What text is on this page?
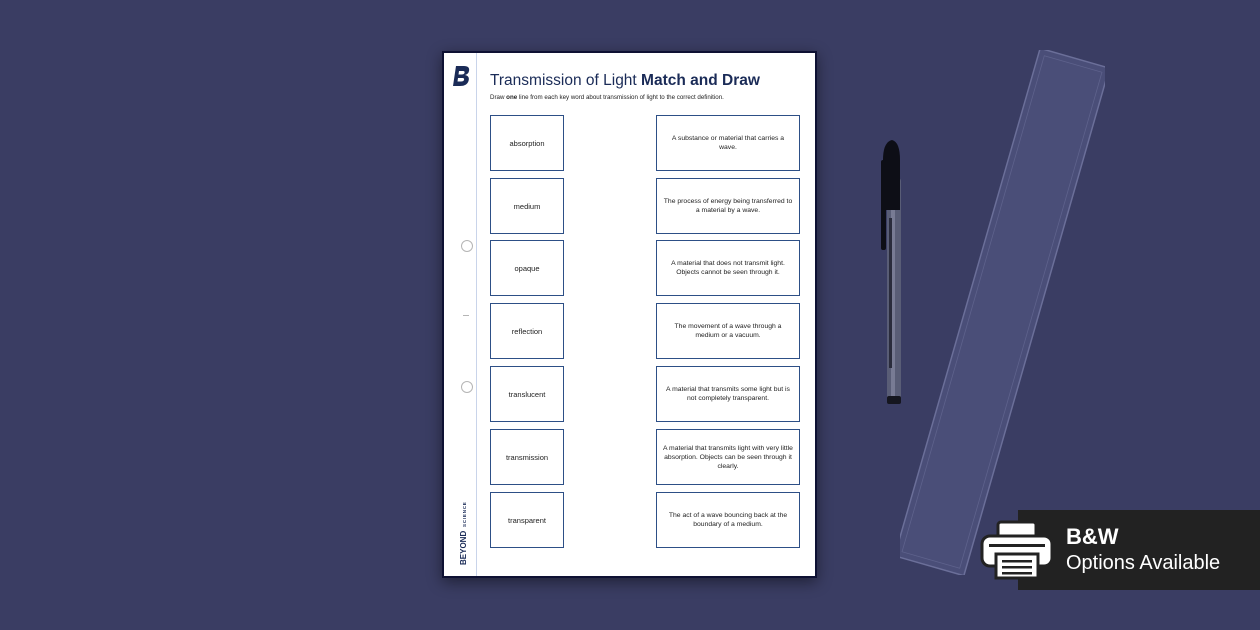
BEYOND
SCIENCE
Transmission of Light Match and Draw
Draw one line from each key word about transmission of light to the correct definition.
absorption
medium
opaque
reflection
translucent
transmission
transparent
A substance or material that carries a wave.
The process of energy being transferred to a material by a wave.
A material that does not transmit light. Objects cannot be seen through it.
The movement of a wave through a medium or a vacuum.
A material that transmits some light but is not completely transparent.
A material that transmits light with very little absorption. Objects can be seen through it clearly.
The act of a wave bouncing back at the boundary of a medium.	B&W
Options Available
